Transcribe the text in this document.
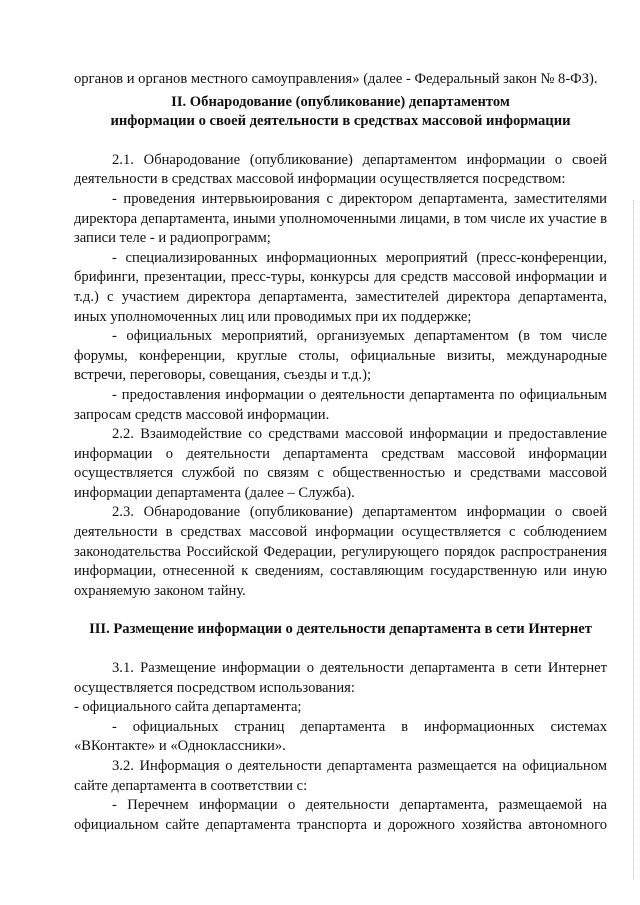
органов и органов местного самоуправления» (далее - Федеральный закон № 8-ФЗ).

II. Обнародование (опубликование) департаментом

информации о своей деятельности в средствах массовой информации

2.1. Обнародование (опубликование) департаментом информации о своей деятельности в средствах массовой информации осуществляется посредством:

- проведения интервьюирования с директором департамента, заместителями директора департамента, иными уполномоченными лицами, в том числе их участие в записи теле - и радиопрограмм;

- специализированных информационных мероприятий (пресс-конференции, брифинги, презентации, пресс-туры, конкурсы для средств массовой информации и т.д.) с участием директора департамента, заместителей директора департамента, иных уполномоченных лиц или проводимых при их поддержке;

- официальных мероприятий, организуемых департаментом (в том числе форумы, конференции, круглые столы, официальные визиты, международные встречи, переговоры, совещания, съезды и т.д.);

- предоставления информации о деятельности департамента по официальным запросам средств массовой информации.

2.2. Взаимодействие со средствами массовой информации и предоставление информации о деятельности департамента средствам массовой информации осуществляется службой по связям с общественностью и средствами массовой информации департамента (далее – Служба).

2.3. Обнародование (опубликование) департаментом информации о своей деятельности в средствах массовой информации осуществляется с соблюдением законодательства Российской Федерации, регулирующего порядок распространения информации, отнесенной к сведениям, составляющим государственную или иную охраняемую законом тайну.

III. Размещение информации о деятельности департамента в сети Интернет

3.1. Размещение информации о деятельности департамента в сети Интернет осуществляется посредством использования:

- официального сайта департамента;

- официальных страниц департамента в информационных системах «ВКонтакте» и «Одноклассники».

3.2. Информация о деятельности департамента размещается на официальном сайте департамента в соответствии с:

- Перечнем информации о деятельности департамента, размещаемой на официальном сайте департамента транспорта и дорожного хозяйства автономного
